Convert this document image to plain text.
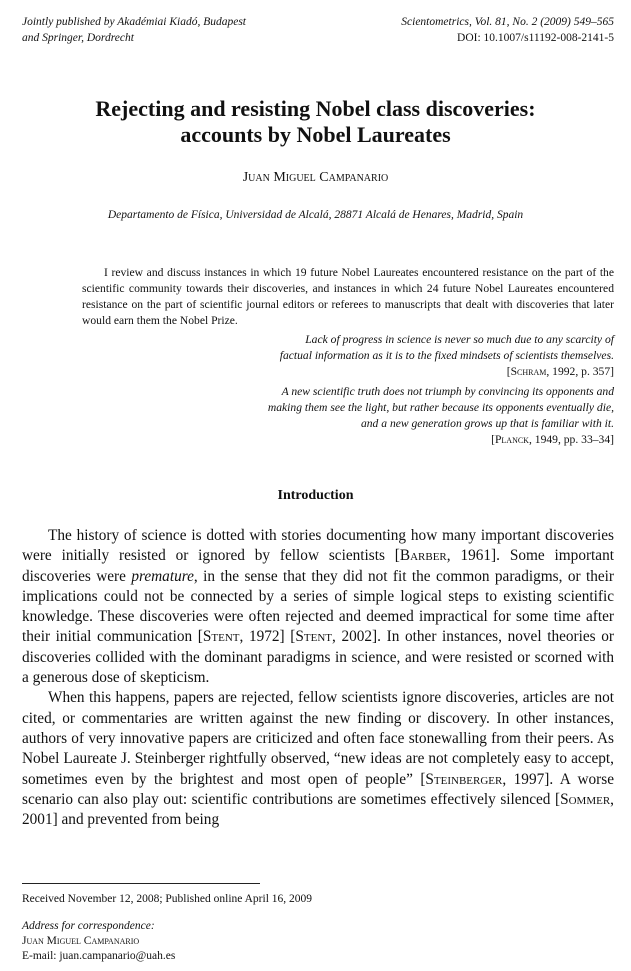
Jointly published by Akadémiai Kiadó, Budapest
and Springer, Dordrecht
Scientometrics, Vol. 81, No. 2 (2009) 549–565
DOI: 10.1007/s11192-008-2141-5
Rejecting and resisting Nobel class discoveries:
accounts by Nobel Laureates
Juan Miguel Campanario
Departamento de Física, Universidad de Alcalá, 28871 Alcalá de Henares, Madrid, Spain
I review and discuss instances in which 19 future Nobel Laureates encountered resistance on the part of the scientific community towards their discoveries, and instances in which 24 future Nobel Laureates encountered resistance on the part of scientific journal editors or referees to manuscripts that dealt with discoveries that later would earn them the Nobel Prize.
Lack of progress in science is never so much due to any scarcity of
factual information as it is to the fixed mindsets of scientists themselves.
[Schram, 1992, p. 357]
A new scientific truth does not triumph by convincing its opponents and
making them see the light, but rather because its opponents eventually die,
and a new generation grows up that is familiar with it.
[Planck, 1949, pp. 33–34]
Introduction

The history of science is dotted with stories documenting how many important discoveries were initially resisted or ignored by fellow scientists [Barber, 1961]. Some important discoveries were premature, in the sense that they did not fit the common paradigms, or their implications could not be connected by a series of simple logical steps to existing scientific knowledge. These discoveries were often rejected and deemed impractical for some time after their initial communication [Stent, 1972] [Stent, 2002]. In other instances, novel theories or discoveries collided with the dominant paradigms in science, and were resisted or scorned with a generous dose of skepticism.

When this happens, papers are rejected, fellow scientists ignore discoveries, articles are not cited, or commentaries are written against the new finding or discovery. In other instances, authors of very innovative papers are criticized and often face stonewalling from their peers. As Nobel Laureate J. Steinberger rightfully observed, “new ideas are not completely easy to accept, sometimes even by the brightest and most open of people” [Steinberger, 1997]. A worse scenario can also play out: scientific contributions are sometimes effectively silenced [Sommer, 2001] and prevented from being

Received November 12, 2008; Published online April 16, 2009
Address for correspondence:
Juan Miguel Campanario
E-mail: juan.campanario@uah.es
